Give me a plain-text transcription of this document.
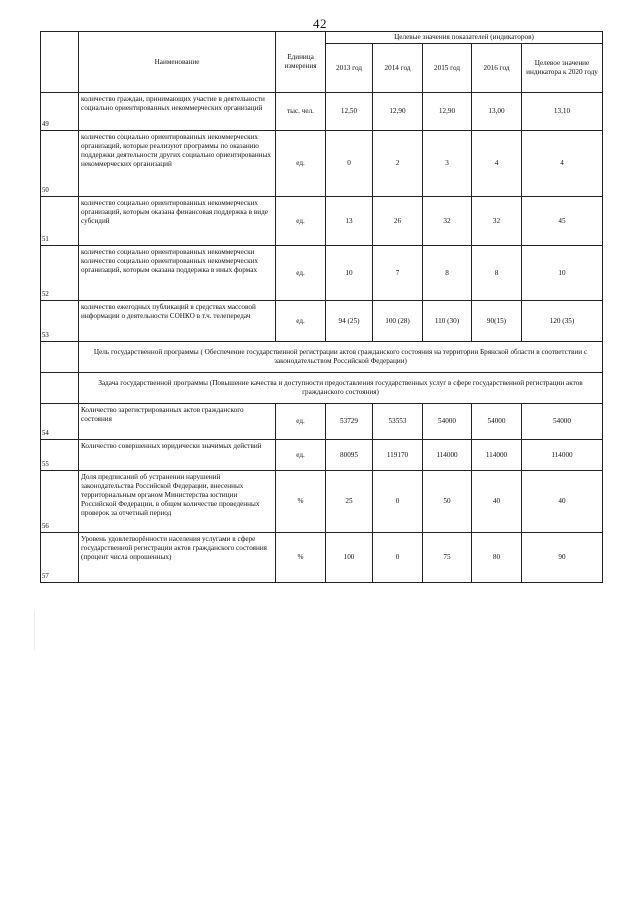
42
	Наименование	Единица измерения	Целевые значения показателей (индикаторов)				
			2013 год	2014 год	2015 год	2016 год	Целевое значение индикатора к 2020 году
49	количество граждан, принимающих участие в деятельности социально ориентированных некоммерческих организаций	тыс. чел.	12,50	12,90	12,90	13,00	13,10
50	количество социально ориентированных некоммерческих организаций, которые реализуют программы по оказанию поддержки деятельности других социально ориентированных некоммерческих организаций	ед.	0	2	3	4	4
51	количество социально ориентированных некоммерческих организаций, которым оказана финансовая поддержка в виде субсидий	ед.	13	26	32	32	45
52	количество социально ориентированных некоммерчески количество социально ориентированных некоммерческих организаций, которым оказана поддержка в иных формах	ед.	10	7	8	8	10
53	количество ежегодных публикаций в средствах массовой информации о деятельности СОНКО в т.ч. телепередач	ед.	94 (25)	100 (28)	110 (30)	90(15)	120 (35)
	Цель государственной программы ( Обеспечение государственной регистрации актов гражданского состояния на территории Брянской области в соответствии с законодательством Российской Федерации)						
	Задача государственной программы (Повышение качества и доступности предоставления государственных услуг в сфере государственной регистрации актов гражданского состояния)						
54	Количество зарегистрированных актов гражданского состояния	ед.	53729	53553	54000	54000	54000
55	Количество совершенных юридически значимых действий	ед.	80095	119170	114000	114000	114000
56	Доля предписаний об устранении нарушений законодательства Российской Федерации, внесенных территориальным органом Министерства юстиции Российской Федерации, в общем количестве проведенных проверок за отчетный период	%	25	0	50	40	40
57	Уровень удовлетворённости населения услугами в сфере государственной регистрации актов гражданского состояния (процент числа опрошенных)	%	100	0	75	80	90
